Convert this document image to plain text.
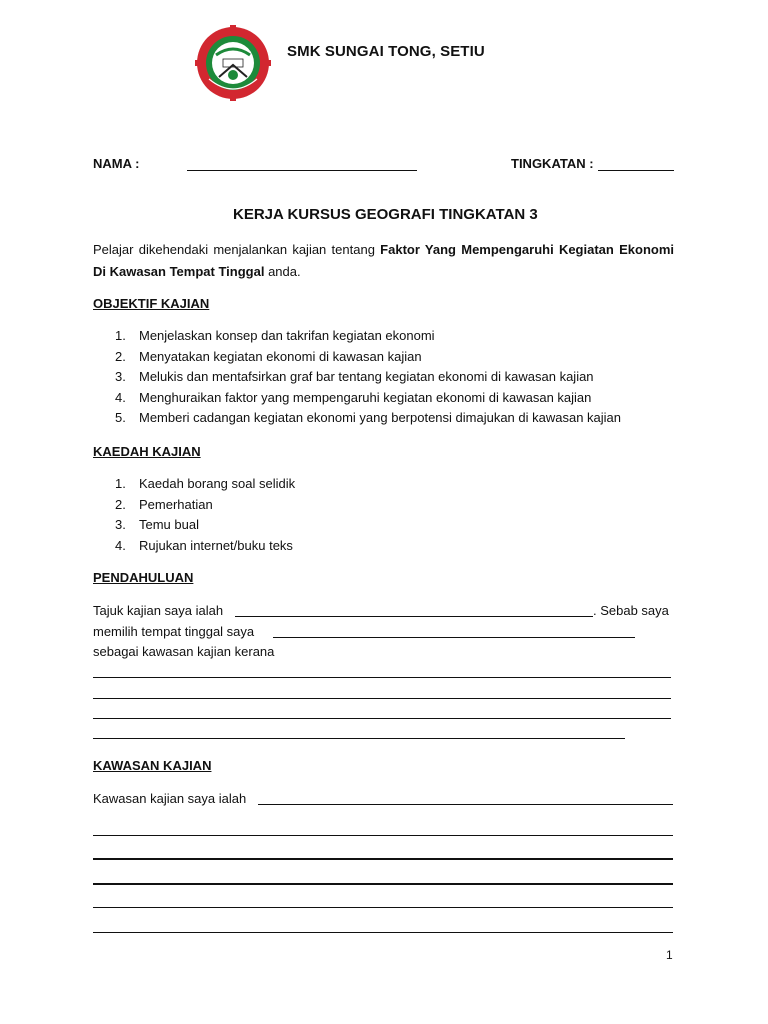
SMK SUNGAI TONG, SETIU
NAMA :	TINGKATAN :
KERJA KURSUS GEOGRAFI TINGKATAN 3
Pelajar dikehendaki menjalankan kajian tentang Faktor Yang Mempengaruhi Kegiatan Ekonomi Di Kawasan Tempat Tinggal anda.
OBJEKTIF KAJIAN
1. Menjelaskan konsep dan takrifan kegiatan ekonomi
2. Menyatakan kegiatan ekonomi di kawasan kajian
3. Melukis dan mentafsirkan graf bar tentang kegiatan ekonomi di kawasan kajian
4. Menghuraikan faktor yang mempengaruhi kegiatan ekonomi di kawasan kajian
5. Memberi cadangan kegiatan ekonomi yang berpotensi dimajukan di kawasan kajian
KAEDAH KAJIAN
1. Kaedah borang soal selidik
2. Pemerhatian
3. Temu bual
4. Rujukan internet/buku teks
PENDAHULUAN
Tajuk kajian saya ialah	. Sebab saya
memilih tempat tinggal saya
sebagai kawasan kajian kerana
KAWASAN KAJIAN
Kawasan kajian saya ialah
1
